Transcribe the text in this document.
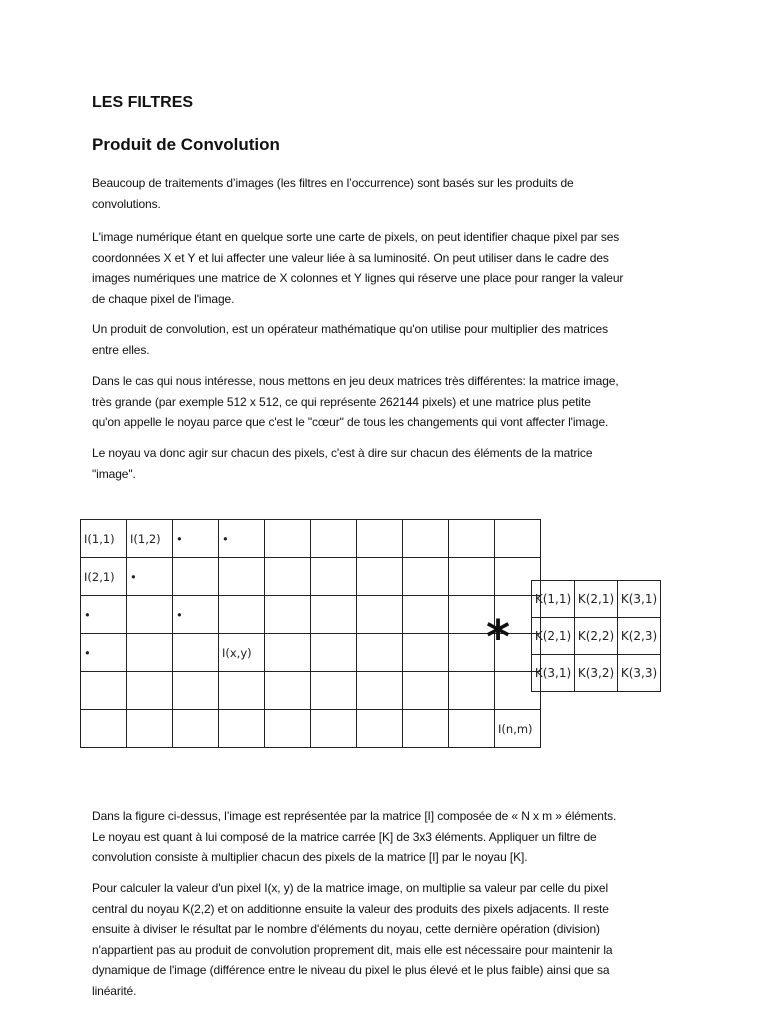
LES FILTRES
Produit de Convolution

Beaucoup de traitements d’images (les filtres en l’occurrence) sont basés sur les produits de
convolutions.

L'image numérique étant en quelque sorte une carte de pixels, on peut identifier chaque pixel par ses
coordonnées X et Y et lui affecter une valeur liée à sa luminosité. On peut utiliser dans le cadre des
images numériques une matrice de X colonnes et Y lignes qui réserve une place pour ranger la valeur
de chaque pixel de l'image.

Un produit de convolution, est un opérateur mathématique qu'on utilise pour multiplier des matrices
entre elles.

Dans le cas qui nous intéresse, nous mettons en jeu deux matrices très différentes: la matrice image,
très grande (par exemple 512 x 512, ce qui représente 262144 pixels) et une matrice plus petite
qu'on appelle le noyau parce que c'est le "cœur" de tous les changements qui vont affecter l'image.

Le noyau va donc agir sur chacun des pixels, c'est à dire sur chacun des éléments de la matrice
"image".

I(1,1)	I(1,2)	•	•						
I(2,1)	•								
•		•							
•			I(x,y)						

									I(n,m)
*
K(1,1)	K(2,1)	K(3,1)
K(2,1)	K(2,2)	K(2,3)
K(3,1)	K(3,2)	K(3,3)

Dans la figure ci-dessus, l’image est représentée par la matrice [I] composée de « N x m » éléments.
Le noyau est quant à lui composé de la matrice carrée [K] de 3x3 éléments. Appliquer un filtre de
convolution consiste à multiplier chacun des pixels de la matrice [I] par le noyau [K].

Pour calculer la valeur d'un pixel I(x, y) de la matrice image, on multiplie sa valeur par celle du pixel
central du noyau K(2,2) et on additionne ensuite la valeur des produits des pixels adjacents. Il reste
ensuite à diviser le résultat par le nombre d'éléments du noyau, cette dernière opération (division)
n'appartient pas au produit de convolution proprement dit, mais elle est nécessaire pour maintenir la
dynamique de l'image (différence entre le niveau du pixel le plus élevé et le plus faible) ainsi que sa
linéarité.
